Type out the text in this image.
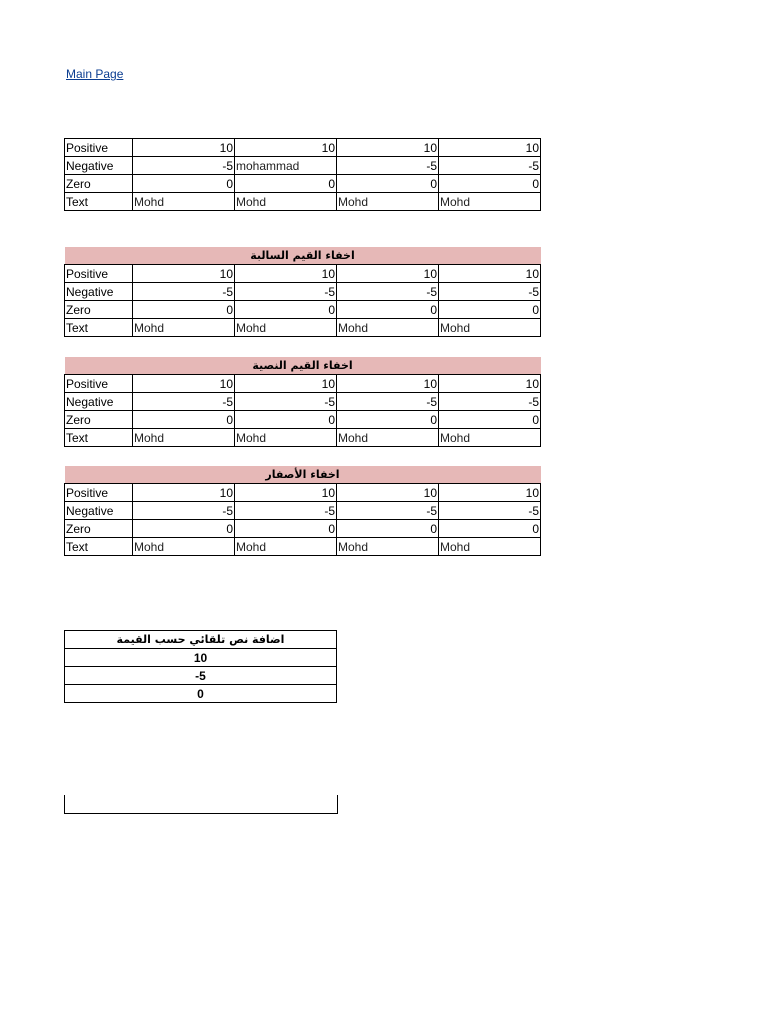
Main Page
Positive	10	10	10	10
Negative	-5	mohammad	-5	-5
Zero	0	0	0	0
Text	Mohd	Mohd	Mohd	Mohd
اخفاء القيم السالبة				
Positive	10	10	10	10
Negative	-5	-5	-5	-5
Zero	0	0	0	0
Text	Mohd	Mohd	Mohd	Mohd
اخفاء القيم النصية				
Positive	10	10	10	10
Negative	-5	-5	-5	-5
Zero	0	0	0	0
Text	Mohd	Mohd	Mohd	Mohd
اخفاء الأصفار				
Positive	10	10	10	10
Negative	-5	-5	-5	-5
Zero	0	0	0	0
Text	Mohd	Mohd	Mohd	Mohd
اضافة نص تلقائي حسب القيمة
10
-5
0
